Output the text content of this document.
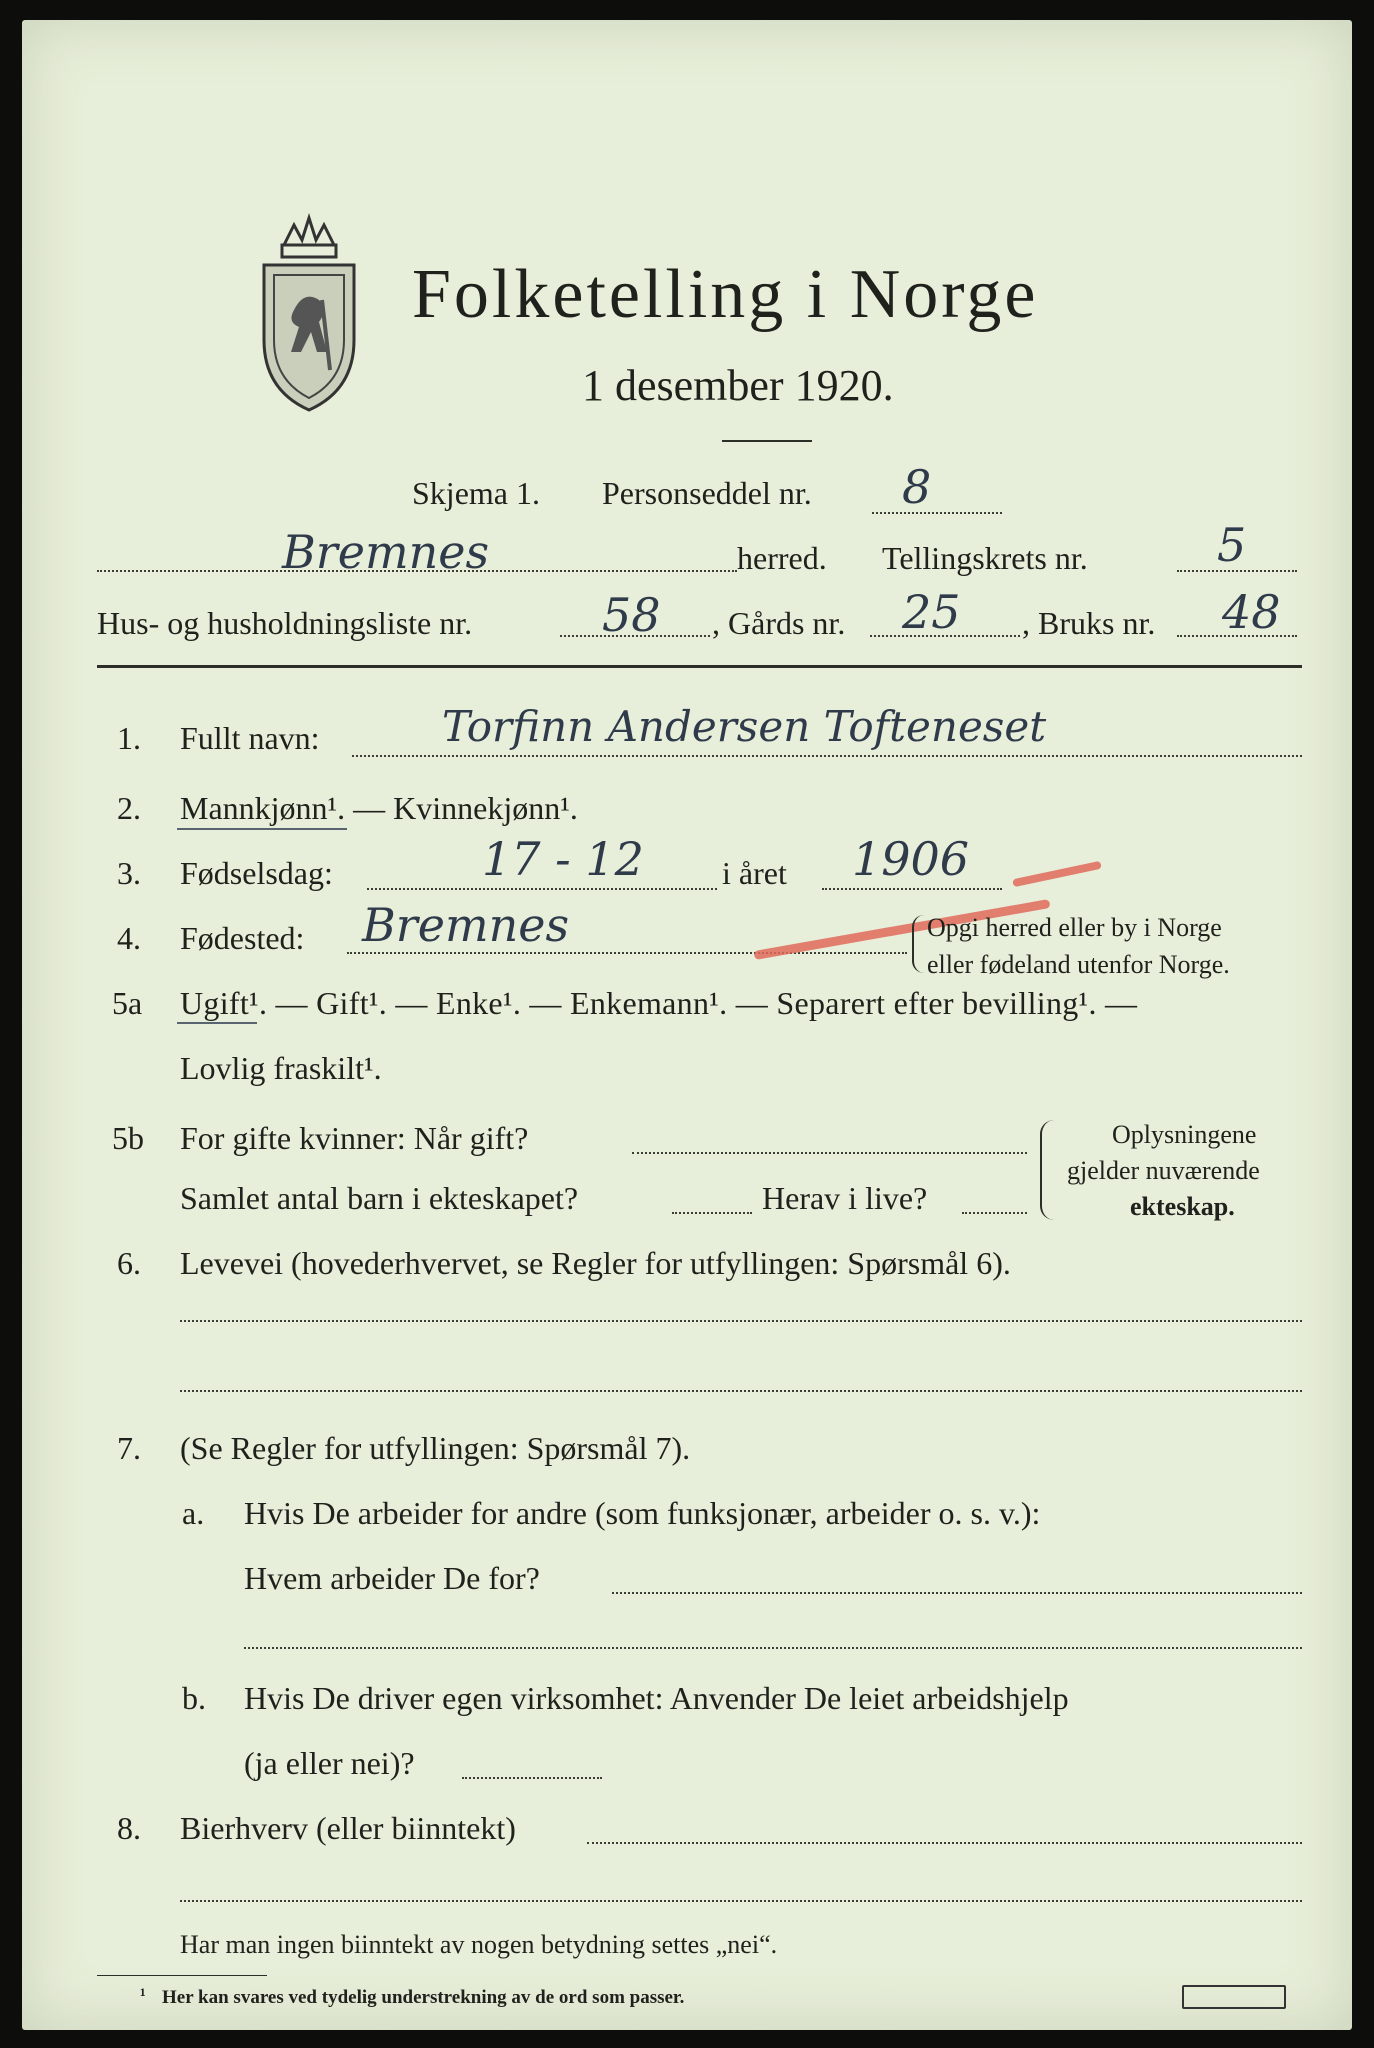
Folketelling i Norge
1 desember 1920.
Skjema 1. Personseddel nr. 8
Bremnes	herred. Tellingskrets nr.	5
Hus- og husholdningsliste nr.	58 , Gårds nr. 25 , Bruks nr. 48
1. Fullt navn:	Torfinn Andersen Tofteneset
2. Mannkjønn¹. — Kvinnekjønn¹.
3. Fødselsdag:	17 - 12 i året 1906
4. Fødested: Bremnes	Opgi herred eller by i Norge
eller fødeland utenfor Norge.
5a Ugift¹. — Gift¹. — Enke¹. — Enkemann¹. — Separert efter bevilling¹. —
Lovlig fraskilt¹.
5b For gifte kvinner: Når gift?
Samlet antal barn i ekteskapet?	Herav i live?
Oplysningene
gjelder nuværende
ekteskap.
6. Levevei (hovederhvervet, se Regler for utfyllingen: Spørsmål 6).
7. (Se Regler for utfyllingen: Spørsmål 7).
a. Hvis De arbeider for andre (som funksjonær, arbeider o. s. v.):
Hvem arbeider De for?
b. Hvis De driver egen virksomhet: Anvender De leiet arbeidshjelp
(ja eller nei)?
8. Bierhverv (eller biinntekt)
Har man ingen biinntekt av nogen betydning settes „nei“.
¹ Her kan svares ved tydelig understrekning av de ord som passer.
